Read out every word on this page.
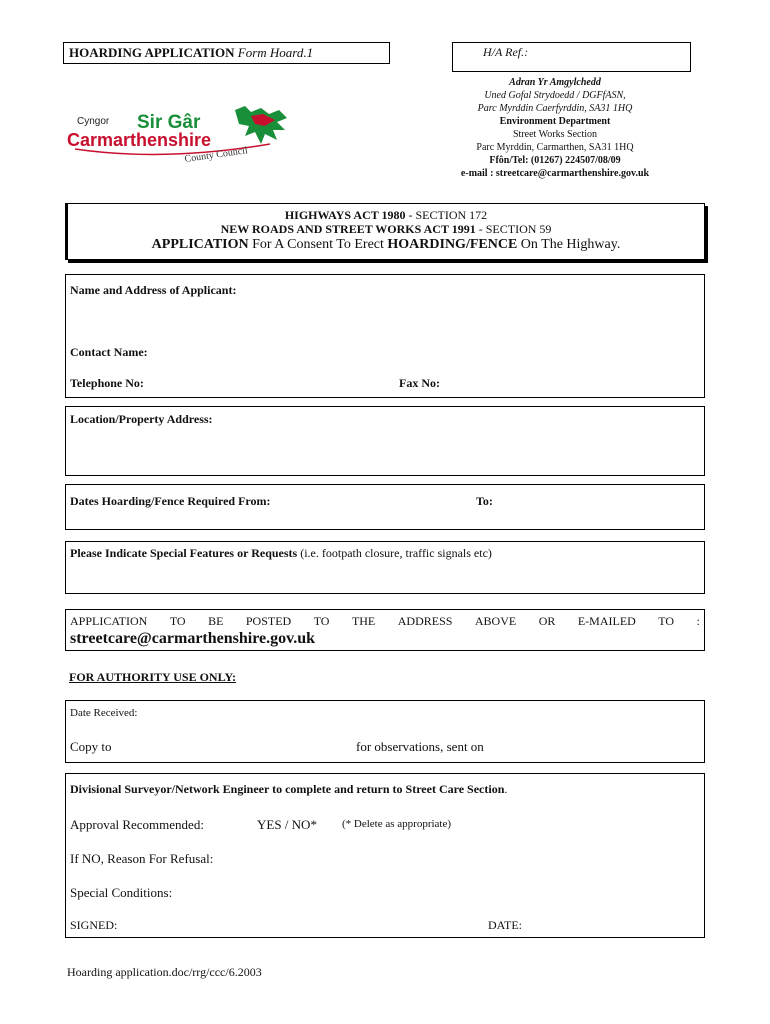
HOARDING APPLICATION Form Hoard.1	H/A Ref.:
Cyngor Sir Gâr
Carmarthenshire
County Council
Adran Yr Amgylchedd
Uned Gofal Strydoedd / DGFfASN,
Parc Myrddin Caerfyrddin, SA31 1HQ
Environment Department
Street Works Section
Parc Myrddin, Carmarthen, SA31 1HQ
Ffôn/Tel: (01267) 224507/08/09
e-mail : streetcare@carmarthenshire.gov.uk
HIGHWAYS ACT 1980 - SECTION 172
NEW ROADS AND STREET WORKS ACT 1991 - SECTION 59
APPLICATION For A Consent To Erect HOARDING/FENCE On The Highway.
Name and Address of Applicant:
Contact Name:
Telephone No:	Fax No:
Location/Property Address:
Dates Hoarding/Fence Required From:	To:
Please Indicate Special Features or Requests (i.e. footpath closure, traffic signals etc)
APPLICATION TO BE POSTED TO THE ADDRESS ABOVE OR E-MAILED TO :
streetcare@carmarthenshire.gov.uk
FOR AUTHORITY USE ONLY:
Date Received:
Copy to	for observations, sent on
Divisional Surveyor/Network Engineer to complete and return to Street Care Section.
Approval Recommended:	YES / NO* (* Delete as appropriate)
If NO, Reason For Refusal:
Special Conditions:
SIGNED:	DATE:
Hoarding application.doc/rrg/ccc/6.2003
